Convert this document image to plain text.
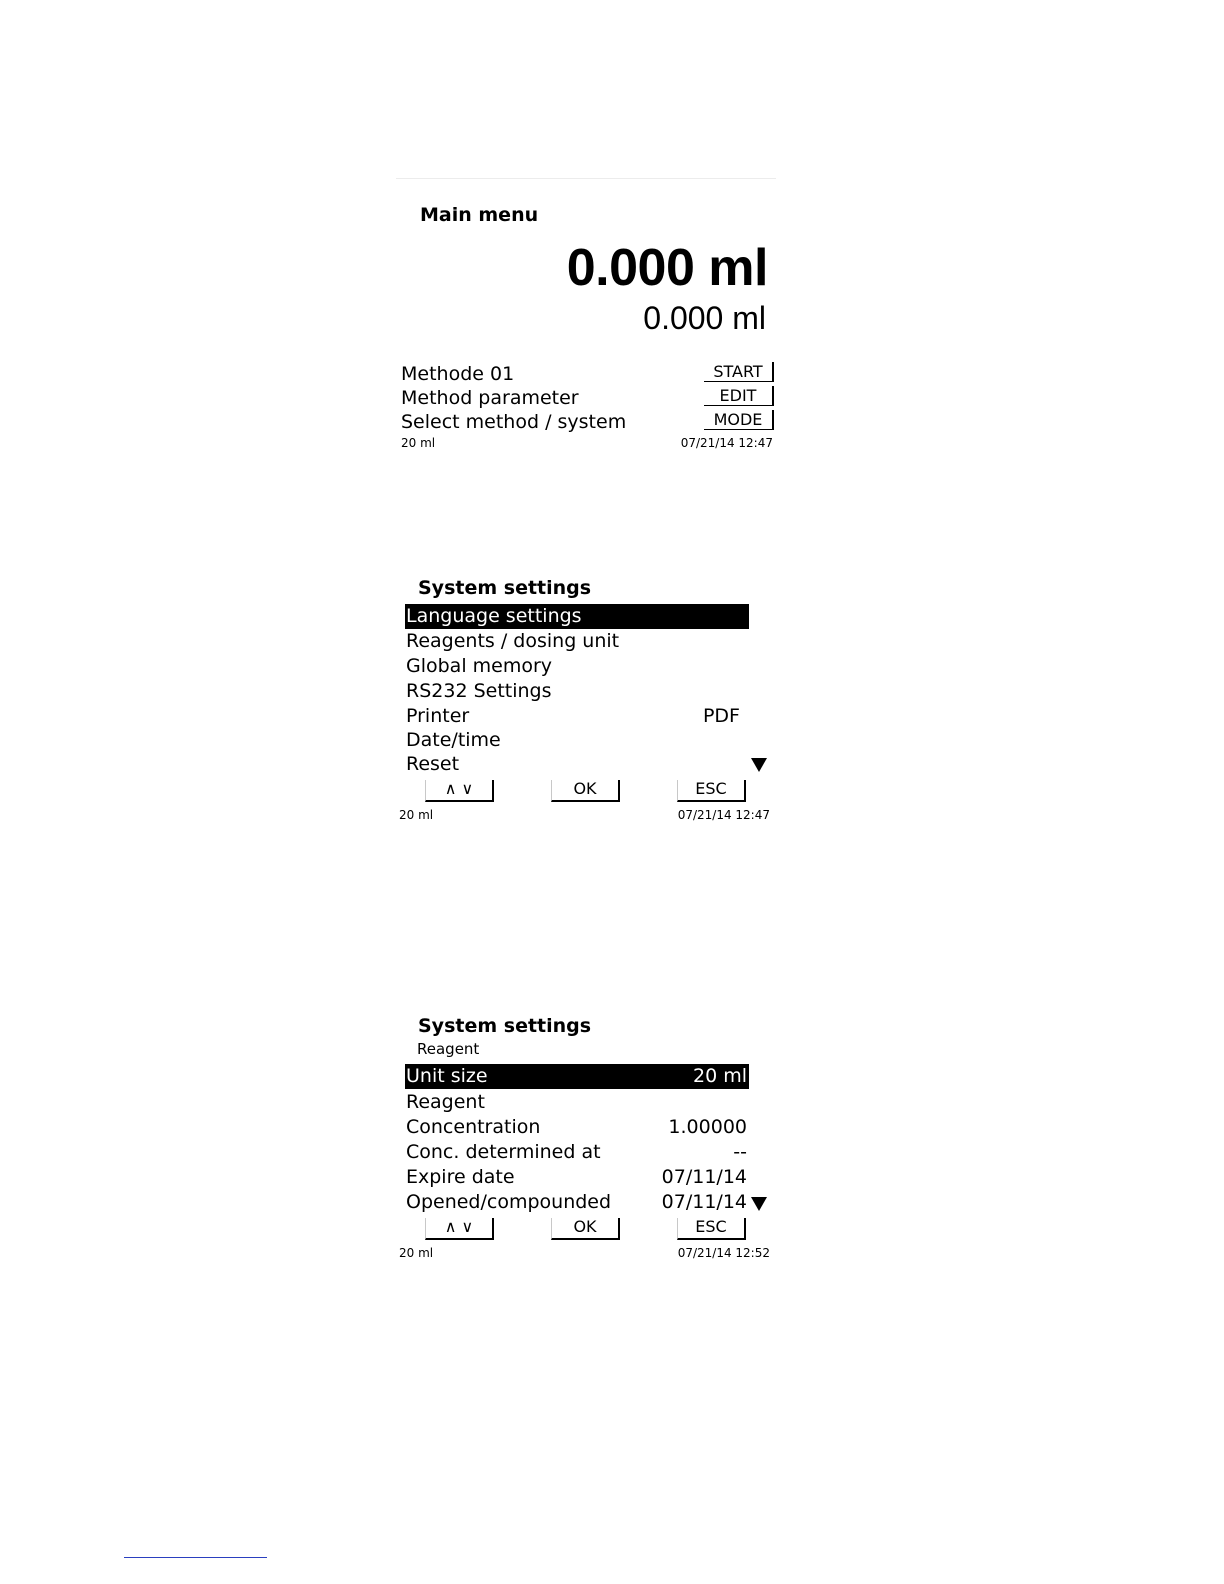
Main menu
0.000 ml
0.000 ml
Methode 01	START
Method parameter	EDIT
Select method / system	MODE
20 ml	07/21/14 12:47
System settings
Language settings
Reagents / dosing unit
Global memory
RS232 Settings
Printer	PDF
Date/time
Reset
∧ ∨	OK	ESC
20 ml	07/21/14 12:47
System settings
Reagent
Unit size	20 ml
Reagent
Concentration	1.00000
Conc. determined at	--
Expire date	07/11/14
Opened/compounded	07/11/14
∧ ∨	OK	ESC
20 ml	07/21/14 12:52
